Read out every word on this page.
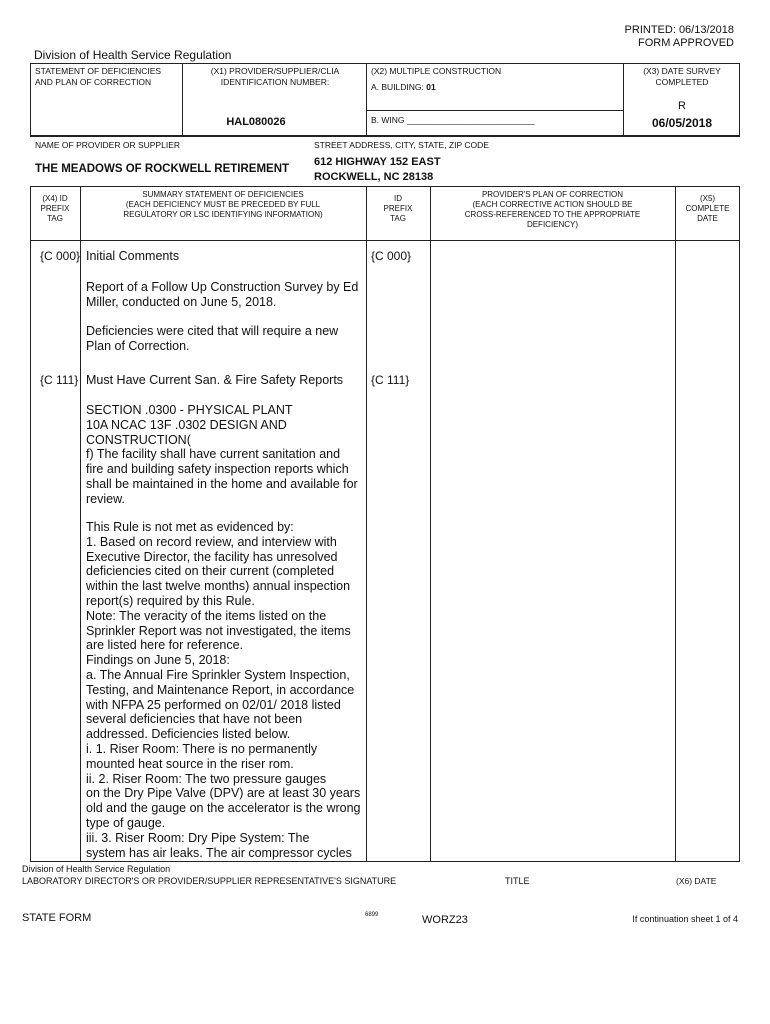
PRINTED: 06/13/2018
FORM APPROVED
Division of Health Service Regulation
STATEMENT OF DEFICIENCIES
AND PLAN OF CORRECTION
(X1) PROVIDER/SUPPLIER/CLIA
IDENTIFICATION NUMBER:
HAL080026
(X2) MULTIPLE CONSTRUCTION
A. BUILDING: 01
B. WING ___________________________
(X3) DATE SURVEY
COMPLETED
R
06/05/2018
NAME OF PROVIDER OR SUPPLIER
THE MEADOWS OF ROCKWELL RETIREMENT
STREET ADDRESS, CITY, STATE, ZIP CODE
612 HIGHWAY 152 EAST
ROCKWELL, NC 28138
(X4) ID
PREFIX
TAG
SUMMARY STATEMENT OF DEFICIENCIES
(EACH DEFICIENCY MUST BE PRECEDED BY FULL
REGULATORY OR LSC IDENTIFYING INFORMATION)
ID
PREFIX
TAG
PROVIDER'S PLAN OF CORRECTION
(EACH CORRECTIVE ACTION SHOULD BE
CROSS-REFERENCED TO THE APPROPRIATE
DEFICIENCY)
(X5)
COMPLETE
DATE
{C 000}	{C 000}
Initial Comments
Report of a Follow Up Construction Survey by Ed
Miller, conducted on June 5, 2018.
Deficiencies were cited that will require a new
Plan of Correction.
{C 111}	{C 111}
Must Have Current San. & Fire Safety Reports
SECTION .0300 - PHYSICAL PLANT
10A NCAC 13F .0302 DESIGN AND
CONSTRUCTION(
f) The facility shall have current sanitation and
fire and building safety inspection reports which
shall be maintained in the home and available for
review.
This Rule is not met as evidenced by:
1. Based on record review, and interview with
Executive Director, the facility has unresolved
deficiencies cited on their current (completed
within the last twelve months) annual inspection
report(s) required by this Rule.
Note: The veracity of the items listed on the
Sprinkler Report was not investigated, the items
are listed here for reference.
Findings on June 5, 2018:
a. The Annual Fire Sprinkler System Inspection,
Testing, and Maintenance Report, in accordance
with NFPA 25 performed on 02/01/ 2018 listed
several deficiencies that have not been
addressed. Deficiencies listed below.
i. 1. Riser Room: There is no permanently
mounted heat source in the riser rom.
ii. 2. Riser Room: The two pressure gauges
on the Dry Pipe Valve (DPV) are at least 30 years
old and the gauge on the accelerator is the wrong
type of gauge.
iii. 3. Riser Room: Dry Pipe System: The
system has air leaks. The air compressor cycles
Division of Health Service Regulation
LABORATORY DIRECTOR'S OR PROVIDER/SUPPLIER REPRESENTATIVE'S SIGNATURE	TITLE	(X6) DATE
STATE FORM	6899	WORZ23	If continuation sheet 1 of 4
